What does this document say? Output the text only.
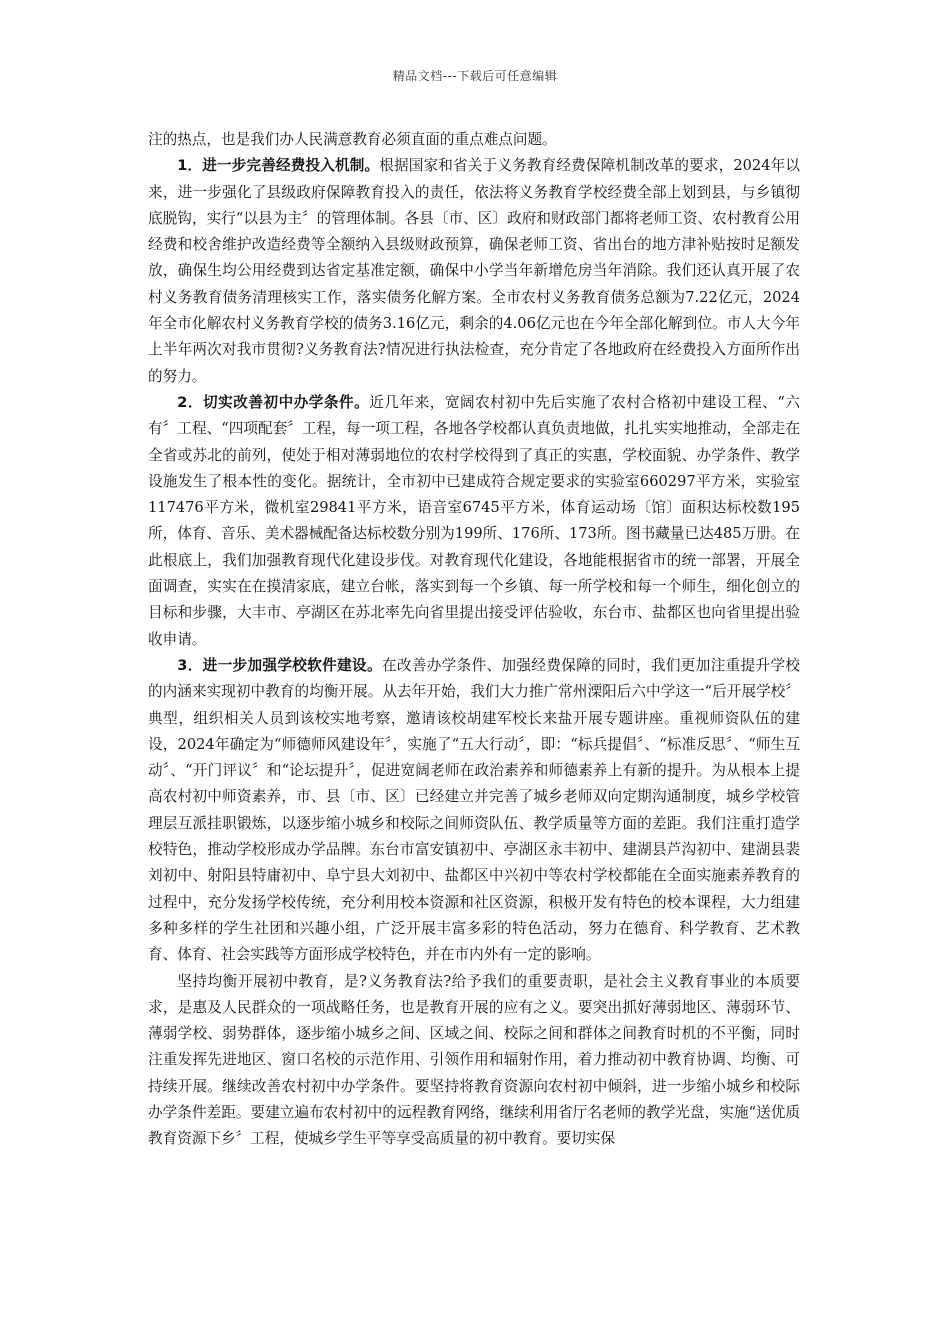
精品文档---下载后可任意编辑

注的热点，也是我们办人民满意教育必须直面的重点难点问题。

1．进一步完善经费投入机制。根据国家和省关于义务教育经费保障机制改革的要求，2024年以来，进一步强化了县级政府保障教育投入的责任，依法将义务教育学校经费全部上划到县，与乡镇彻底脱钩，实行“以县为主〞的管理体制。各县〔市、区〕政府和财政部门都将老师工资、农村教育公用经费和校舍维护改造经费等全额纳入县级财政预算，确保老师工资、省出台的地方津补贴按时足额发放，确保生均公用经费到达省定基准定额，确保中小学当年新增危房当年消除。我们还认真开展了农村义务教育债务清理核实工作，落实债务化解方案。全市农村义务教育债务总额为7.22亿元，2024年全市化解农村义务教育学校的债务3.16亿元，剩余的4.06亿元也在今年全部化解到位。市人大今年上半年两次对我市贯彻?义务教育法?情况进行执法检查，充分肯定了各地政府在经费投入方面所作出的努力。

2．切实改善初中办学条件。近几年来，宽阔农村初中先后实施了农村合格初中建设工程、“六有〞工程、“四项配套〞工程，每一项工程，各地各学校都认真负责地做，扎扎实实地推动，全部走在全省或苏北的前列，使处于相对薄弱地位的农村学校得到了真正的实惠，学校面貌、办学条件、教学设施发生了根本性的变化。据统计，全市初中已建成符合规定要求的实验室660297平方米，实验室117476平方米，微机室29841平方米，语音室6745平方米，体育运动场〔馆〕面积达标校数195所，体育、音乐、美术器械配备达标校数分别为199所、176所、173所。图书藏量已达485万册。在此根底上，我们加强教育现代化建设步伐。对教育现代化建设，各地能根据省市的统一部署，开展全面调查，实实在在摸清家底，建立台帐，落实到每一个乡镇、每一所学校和每一个师生，细化创立的目标和步骤，大丰市、亭湖区在苏北率先向省里提出接受评估验收，东台市、盐都区也向省里提出验收申请。

3．进一步加强学校软件建设。在改善办学条件、加强经费保障的同时，我们更加注重提升学校的内涵来实现初中教育的均衡开展。从去年开始，我们大力推广常州溧阳后六中学这一“后开展学校〞典型，组织相关人员到该校实地考察，邀请该校胡建军校长来盐开展专题讲座。重视师资队伍的建设，2024年确定为“师德师风建设年〞，实施了“五大行动〞，即：“标兵提倡〞、“标准反思〞、“师生互动〞、“开门评议〞和“论坛提升〞，促进宽阔老师在政治素养和师德素养上有新的提升。为从根本上提高农村初中师资素养，市、县〔市、区〕已经建立并完善了城乡老师双向定期沟通制度，城乡学校管理层互派挂职锻炼，以逐步缩小城乡和校际之间师资队伍、教学质量等方面的差距。我们注重打造学校特色，推动学校形成办学品牌。东台市富安镇初中、亭湖区永丰初中、建湖县芦沟初中、建湖县裴刘初中、射阳县特庸初中、阜宁县大刘初中、盐都区中兴初中等农村学校都能在全面实施素养教育的过程中，充分发扬学校传统，充分利用校本资源和社区资源，积极开发有特色的校本课程，大力组建多种多样的学生社团和兴趣小组，广泛开展丰富多彩的特色活动，努力在德育、科学教育、艺术教育、体育、社会实践等方面形成学校特色，并在市内外有一定的影响。

坚持均衡开展初中教育，是?义务教育法?给予我们的重要责职，是社会主义教育事业的本质要求，是惠及人民群众的一项战略任务，也是教育开展的应有之义。要突出抓好薄弱地区、薄弱环节、薄弱学校、弱势群体，逐步缩小城乡之间、区域之间、校际之间和群体之间教育时机的不平衡，同时注重发挥先进地区、窗口名校的示范作用、引领作用和辐射作用，着力推动初中教育协调、均衡、可持续开展。继续改善农村初中办学条件。要坚持将教育资源向农村初中倾斜，进一步缩小城乡和校际办学条件差距。要建立遍布农村初中的远程教育网络，继续利用省厅名老师的教学光盘，实施“送优质教育资源下乡〞工程，使城乡学生平等享受高质量的初中教育。要切实保
